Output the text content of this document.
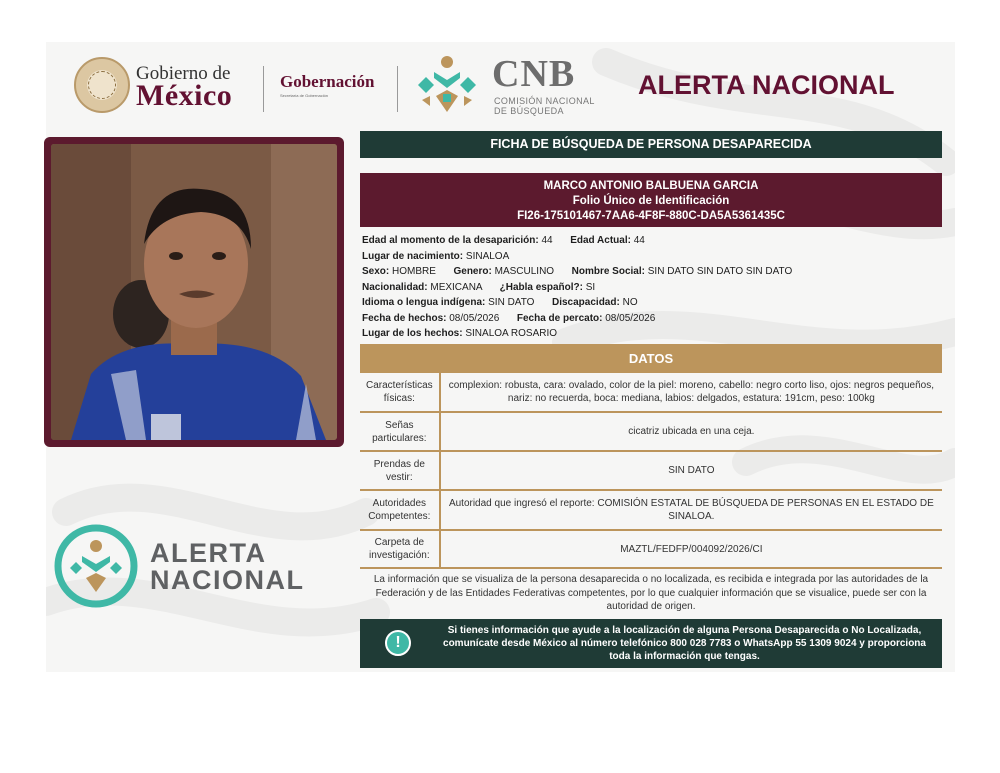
Gobierno de
México	Gobernación
Secretaría de Gobernación
CNB
COMISIÓN NACIONAL
DE BÚSQUEDA
ALERTA NACIONAL
FICHA DE BÚSQUEDA DE PERSONA DESAPARECIDA
MARCO ANTONIO BALBUENA GARCIA
Folio Único de Identificación
FI26-175101467-7AA6-4F8F-880C-DA5A5361435C
Edad al momento de la desaparición: 44 Edad Actual: 44
Lugar de nacimiento: SINALOA
Sexo: HOMBRE Genero: MASCULINO Nombre Social: SIN DATO SIN DATO SIN DATO
Nacionalidad: MEXICANA ¿Habla español?: SI
Idioma o lengua indígena: SIN DATO Discapacidad: NO
Fecha de hechos: 08/05/2026 Fecha de percato: 08/05/2026
Lugar de los hechos: SINALOA ROSARIO
DATOS
Características físicas:	complexion: robusta, cara: ovalado, color de la piel: moreno, cabello: negro corto liso, ojos: negros pequeños, nariz: no recuerda, boca: mediana, labios: delgados, estatura: 191cm, peso: 100kg
Señas particulares:	cicatriz ubicada en una ceja.
Prendas de vestir:	SIN DATO
Autoridades Competentes:	Autoridad que ingresó el reporte: COMISIÓN ESTATAL DE BÚSQUEDA DE PERSONAS EN EL ESTADO DE SINALOA.
Carpeta de investigación:	MAZTL/FEDFP/004092/2026/CI
La información que se visualiza de la persona desaparecida o no localizada, es recibida e integrada por las autoridades de la Federación y de las Entidades Federativas competentes, por lo que cualquier información que se visualice, puede ser con la autoridad de origen.
!
Si tienes información que ayude a la localización de alguna Persona Desaparecida o No Localizada, comunícate desde México al número telefónico 800 028 7783 o WhatsApp 55 1309 9024 y proporciona toda la información que tengas.
ALERTA
NACIONAL
